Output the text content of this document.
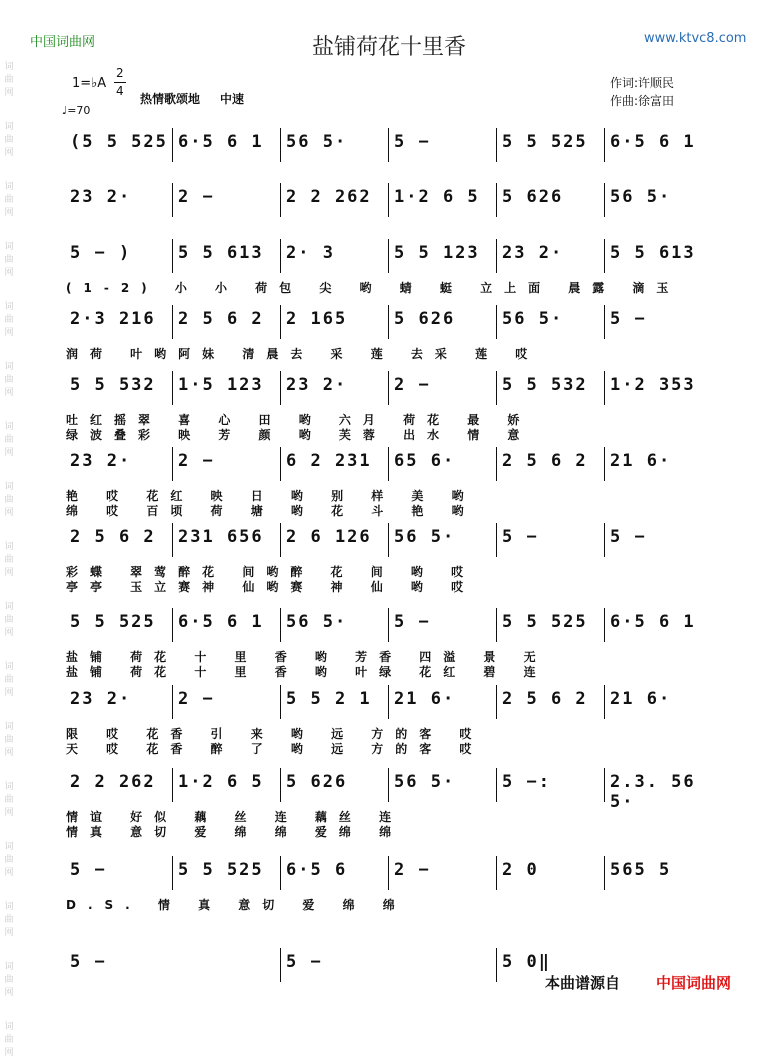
词
曲
网
词
曲
网
词
曲
网
词
曲
网
词
曲
网
词
曲
网
词
曲
网
词
曲
网
词
曲
网
词
曲
网
词
曲
网
词
曲
网
词
曲
网
词
曲
网
词
曲
网
词
曲
网
词
曲
网
中国词曲网	盐铺荷花十里香	www.ktvc8.com
1=♭A
2
4
热情歌颂地 中速
♩=70
作词:许顺民
作曲:徐富田
(5 5 525 6·5 6 1 56 5·	5 −	5 5 525 6·5 6 1
23 2·	2 −	2 2 262 1·2 6 5 5 626	56 5·
5 − )	5 5 613 2· 3	5 5 123 23 2·	5 5 613
(1-2) 小 小 荷包 尖 哟 蜻 蜓 立上面 晨露 滴玉
2·3 216 2 5 6 2 2 165	5 626	56 5·	5 −
润荷 叶哟阿妹 清晨去 采 莲 去采 莲 哎
5 5 532 1·5 123 23 2·	2 −	5 5 532 1·2 353
吐红摇翠 喜 心 田 哟 六月 荷花 最 娇
绿波叠彩 映 芳 颜 哟 芙蓉 出水 情 意
23 2·	2 −	6 2 231 65 6·	2 5 6 2 21 6·
艳 哎 花红 映 日 哟 别 样 美 哟
绵 哎 百顷 荷 塘 哟 花 斗 艳 哟
2 5 6 2 231 656 2 6 126 56 5·	5 −	5 −
彩蝶 翠莺醉花 间哟醉 花 间 哟 哎
亭亭 玉立赛神 仙哟赛 神 仙 哟 哎
5 5 525 6·5 6 1 56 5·	5 −	5 5 525 6·5 6 1
盐铺 荷花 十 里 香 哟 芳香 四溢 景 无
盐铺 荷花 十 里 香 哟 叶绿 花红 碧 连
23 2·	2 −	5 5 2 1 21 6·	2 5 6 2 21 6·
限 哎 花香 引 来 哟 远 方的客 哎
天 哎 花香 醉 了 哟 远 方的客 哎
2 2 262 1·2 6 5 5 626	56 5·	5 −:	2.3. 56 5·
情谊 好似 藕 丝 连 藕丝 连
情真 意切 爱 绵 绵 爱绵 绵
5 −	5 5 525 6·5 6	2 −	2 0	565 5
D.S. 情 真 意切 爱 绵 绵
5 −	5 −	5 0‖
本曲谱源自 中国词曲网
